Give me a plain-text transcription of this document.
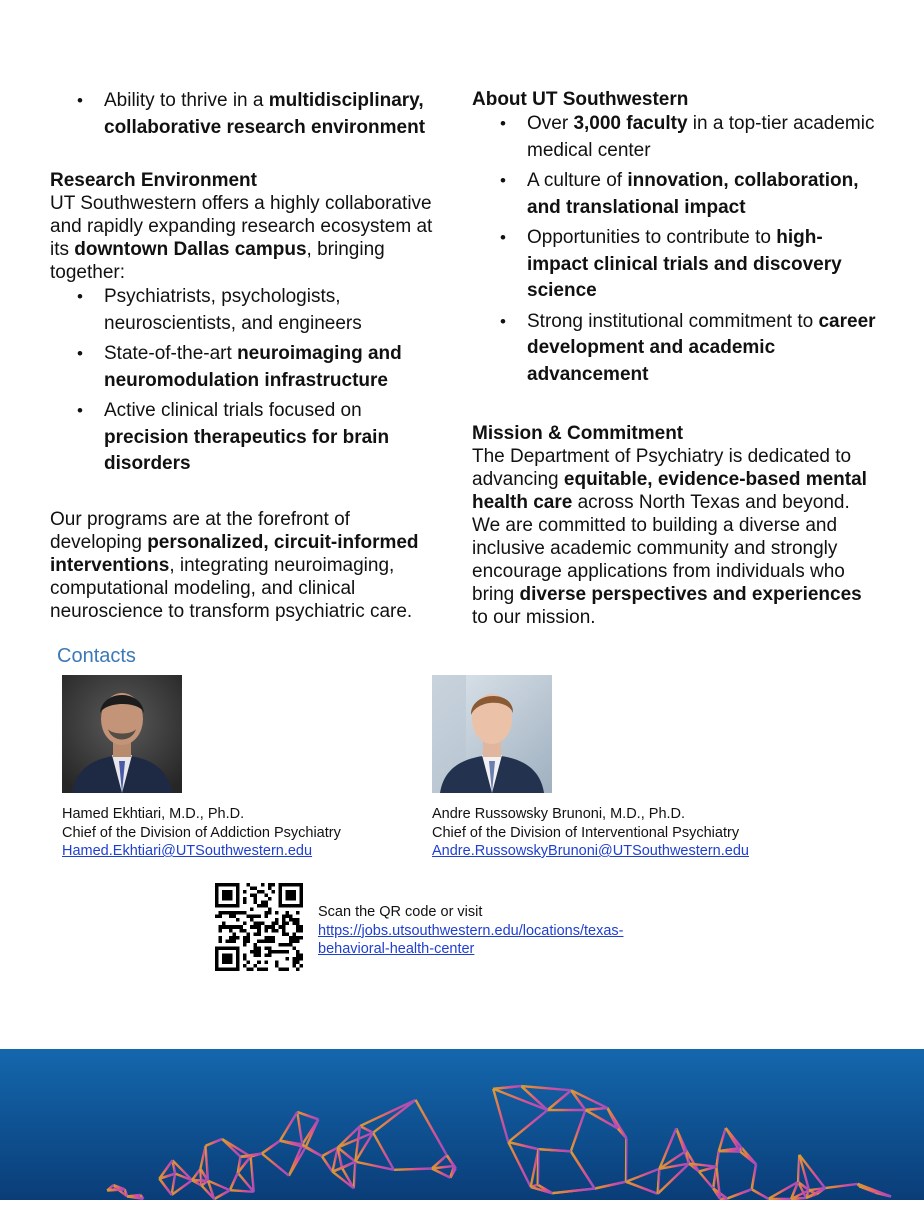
• Ability to thrive in a multidisciplinary, collaborative research environment

Research Environment

UT Southwestern offers a highly collaborative and rapidly expanding research ecosystem at its downtown Dallas campus, bringing together:

• Psychiatrists, psychologists, neuroscientists, and engineers
• State-of-the-art neuroimaging and neuromodulation infrastructure
• Active clinical trials focused on precision therapeutics for brain disorders

Our programs are at the forefront of developing personalized, circuit-informed interventions, integrating neuroimaging, computational modeling, and clinical neuroscience to transform psychiatric care.

About UT Southwestern

• Over 3,000 faculty in a top-tier academic medical center
• A culture of innovation, collaboration, and translational impact
• Opportunities to contribute to high-impact clinical trials and discovery science
• Strong institutional commitment to career development and academic advancement

Mission & Commitment

The Department of Psychiatry is dedicated to advancing equitable, evidence-based mental health care across North Texas and beyond. We are committed to building a diverse and inclusive academic community and strongly encourage applications from individuals who bring diverse perspectives and experiences to our mission.

Contacts
Hamed Ekhtiari, M.D., Ph.D.
Chief of the Division of Addiction Psychiatry
Hamed.Ekhtiari@UTSouthwestern.edu
Andre Russowsky Brunoni, M.D., Ph.D.
Chief of the Division of Interventional Psychiatry
Andre.RussowskyBrunoni@UTSouthwestern.edu
Scan the QR code or visit
https://jobs.utsouthwestern.edu/locations/texas-
behavioral-health-center
